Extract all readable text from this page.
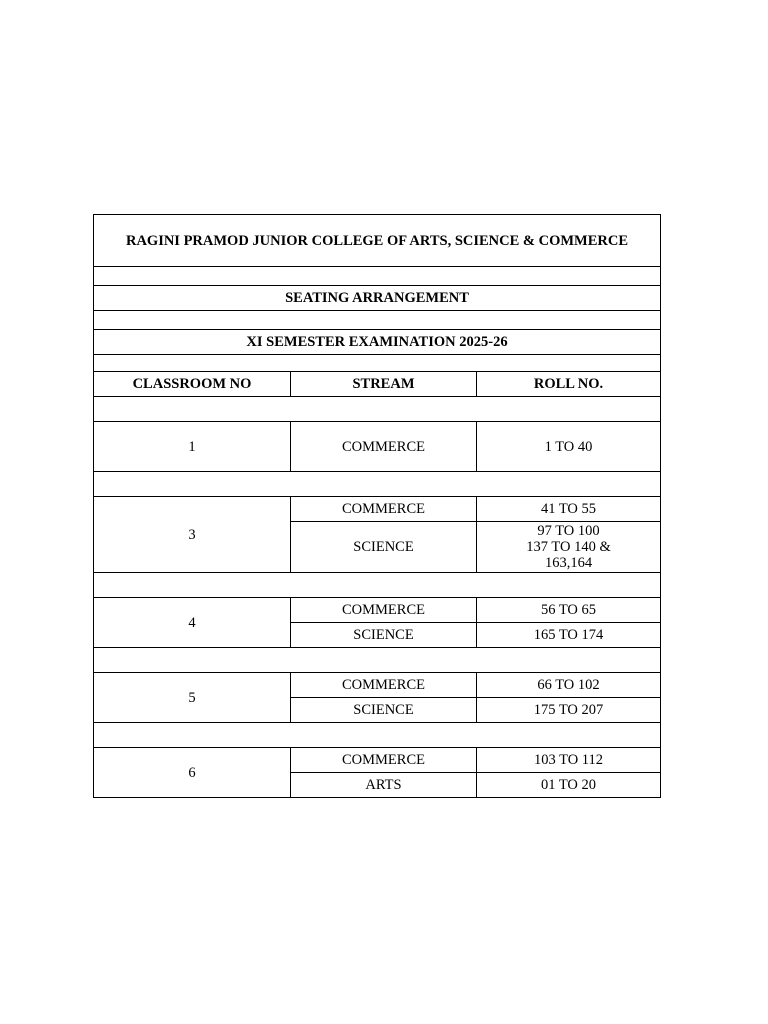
RAGINI PRAMOD JUNIOR COLLEGE OF ARTS, SCIENCE & COMMERCE		

SEATING ARRANGEMENT		

XI SEMESTER EXAMINATION 2025-26		

CLASSROOM NO	STREAM	ROLL NO.

1	COMMERCE	1 TO 40

3	COMMERCE	41 TO 55
	SCIENCE	97 TO 100
137 TO 140 &
163,164

4	COMMERCE	56 TO 65
	SCIENCE	165 TO 174

5	COMMERCE	66 TO 102
	SCIENCE	175 TO 207

6	COMMERCE	103 TO 112
	ARTS	01 TO 20
